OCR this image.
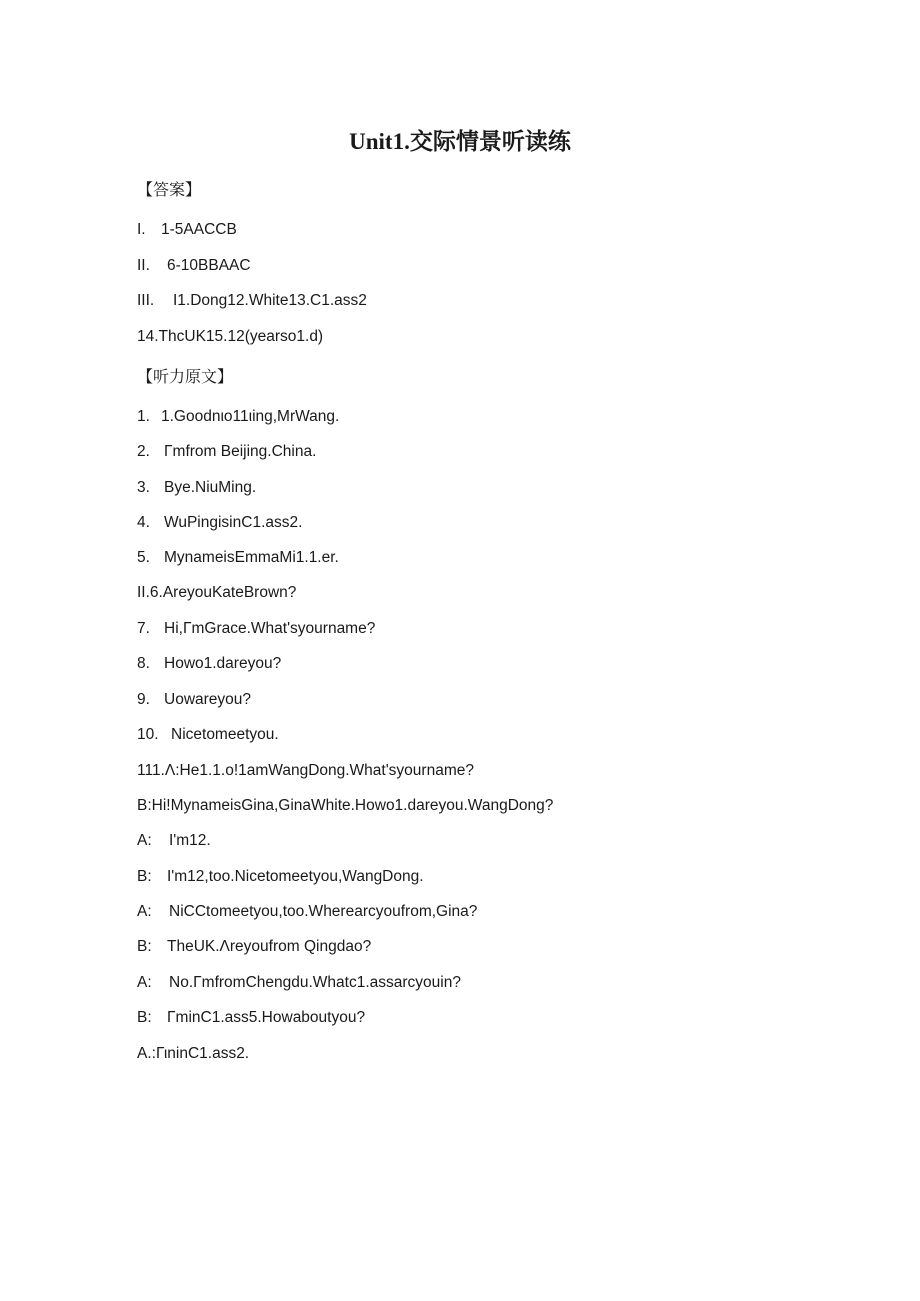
Unit1.交际情景听读练
【答案】
I. 1-5AACCB
II. 6-10BBAAC
III. I1.Dong12.White13.C1.ass2
14.ThcUK15.12(yearso1.d)
【听力原文】
1. 1.Goodnιo11ιing,MrWang.
2. Γmfrom Beijing.China.
3. Bye.NiuMing.
4. WuPingisinC1.ass2.
5. MynameisEmmaMi1.1.er.
II.6.AreyouKateBrown?
7. Hi,ΓmGrace.What'syourname?
8. Howo1.dareyou?
9. Uowareyou?
10. Nicetomeetyou.
111.Λ:He1.1.o!1amWangDong.What'syourname?
B:Hi!MynameisGina,GinaWhite.Howo1.dareyou.WangDong?
A: I'm12.
B: I'm12,too.Nicetomeetyou,WangDong.
A: NiCCtomeetyou,too.Wherearcyoufrom,Gina?
B: TheUK.Λreyoufrom Qingdao?
A: No.ΓmfromChengdu.Whatc1.assarcyouin?
B: ΓminC1.ass5.Howaboutyou?
A.:ΓιninC1.ass2.
